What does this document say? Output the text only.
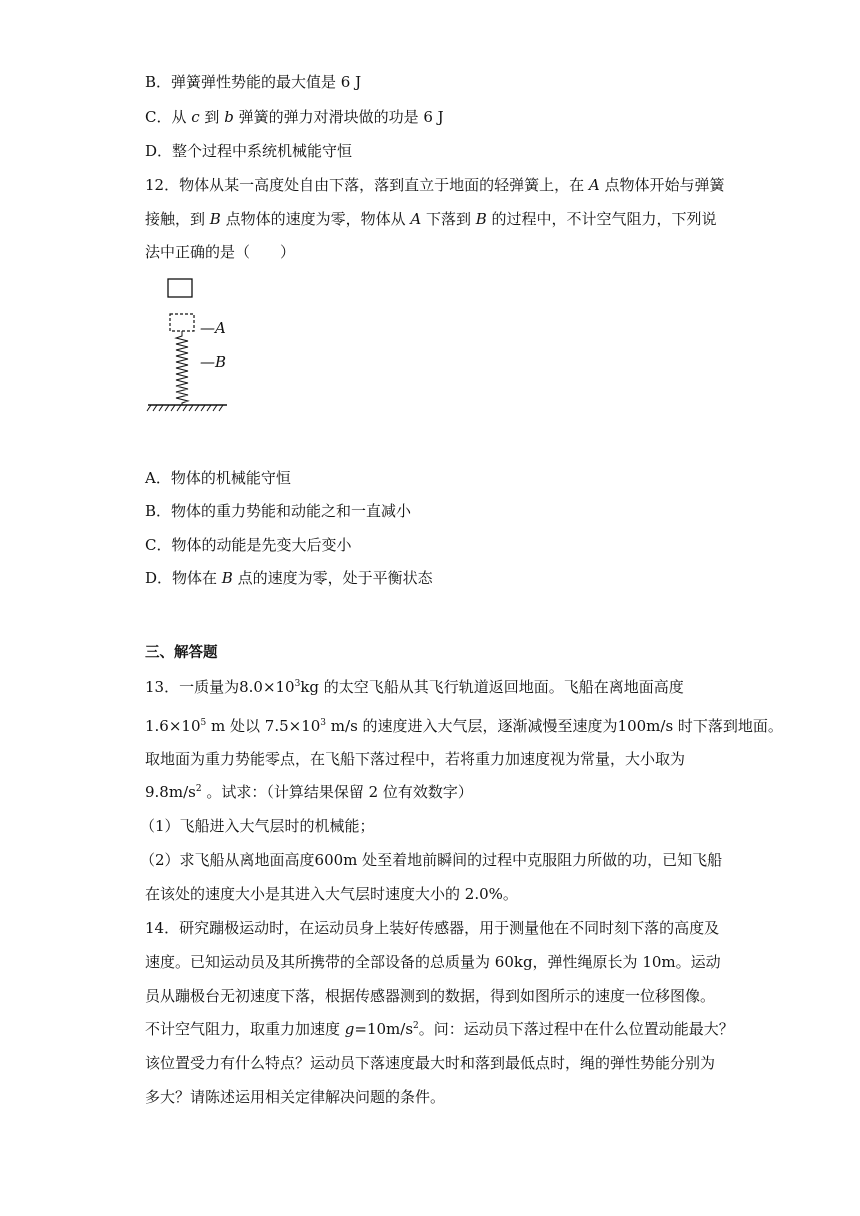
B．弹簧弹性势能的最大值是 6 J
C．从 c 到 b 弹簧的弹力对滑块做的功是 6 J
D．整个过程中系统机械能守恒
12．物体从某一高度处自由下落，落到直立于地面的轻弹簧上，在 A 点物体开始与弹簧
接触，到 B 点物体的速度为零，物体从 A 下落到 B 的过程中，不计空气阻力，下列说
法中正确的是（　　）
—A
—B
A．物体的机械能守恒
B．物体的重力势能和动能之和一直减小
C．物体的动能是先变大后变小
D．物体在 B 点的速度为零，处于平衡状态
三、解答题
13．一质量为$8.0\times 10^3kg$ 的太空飞船从其飞行轨道返回地面。飞船在离地面高度
$1.6\times 10^5$ m 处以 $7.5\times 10^3$ m/s 的速度进入大气层，逐渐减慢至速度为100m/s 时下落到地面。
取地面为重力势能零点，在飞船下落过程中，若将重力加速度视为常量，大小取为
$9.8m/s^2$ 。试求：（计算结果保留 2 位有效数字）
（1）飞船进入大气层时的机械能；
（2）求飞船从离地面高度600m 处至着地前瞬间的过程中克服阻力所做的功，已知飞船
在该处的速度大小是其进入大气层时速度大小的 2.0%。
14．研究蹦极运动时，在运动员身上装好传感器，用于测量他在不同时刻下落的高度及
速度。已知运动员及其所携带的全部设备的总质量为 60kg，弹性绳原长为 10m。运动
员从蹦极台无初速度下落，根据传感器测到的数据，得到如图所示的速度一位移图像。
不计空气阻力，取重力加速度 $g=10m/s^2$。问：运动员下落过程中在什么位置动能最大？
该位置受力有什么特点？运动员下落速度最大时和落到最低点时，绳的弹性势能分别为
多大？请陈述运用相关定律解决问题的条件。
